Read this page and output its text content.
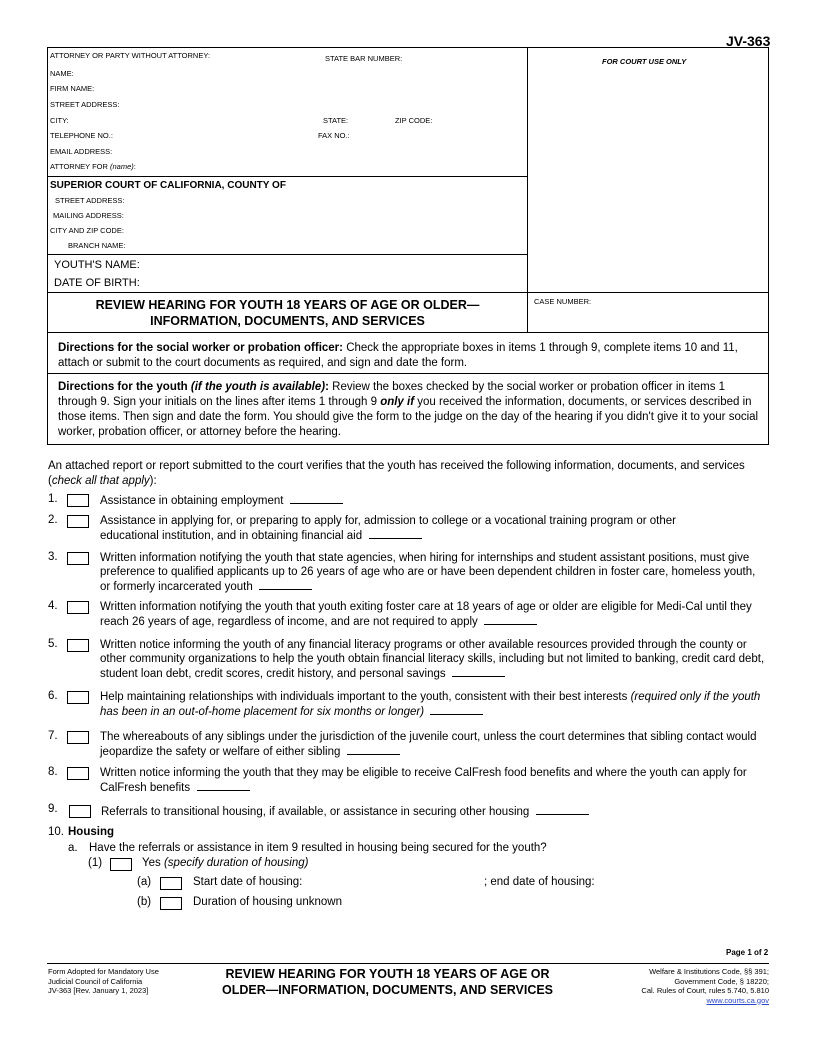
JV-363
ATTORNEY OR PARTY WITHOUT ATTORNEY:	STATE BAR NUMBER:
NAME:
FIRM NAME:
STREET ADDRESS:
CITY:	STATE:	ZIP CODE:
TELEPHONE NO.:	FAX NO.:
EMAIL ADDRESS:
ATTORNEY FOR (name):
FOR COURT USE ONLY
SUPERIOR COURT OF CALIFORNIA, COUNTY OF
STREET ADDRESS:
MAILING ADDRESS:
CITY AND ZIP CODE:
BRANCH NAME:
YOUTH'S NAME:
DATE OF BIRTH:
REVIEW HEARING FOR YOUTH 18 YEARS OF AGE OR OLDER—
INFORMATION, DOCUMENTS, AND SERVICES
CASE NUMBER:
Directions for the social worker or probation officer: Check the appropriate boxes in items 1 through 9, complete items 10 and 11, attach or submit to the court documents as required, and sign and date the form.
Directions for the youth (if the youth is available): Review the boxes checked by the social worker or probation officer in items 1 through 9. Sign your initials on the lines after items 1 through 9 only if you received the information, documents, or services described in those items. Then sign and date the form. You should give the form to the judge on the day of the hearing if you didn't give it to your social worker, probation officer, or attorney before the hearing.
An attached report or report submitted to the court verifies that the youth has received the following information, documents, and services (check all that apply):
1.	Assistance in obtaining employment
2.	Assistance in applying for, or preparing to apply for, admission to college or a vocational training program or other educational institution, and in obtaining financial aid
3.	Written information notifying the youth that state agencies, when hiring for internships and student assistant positions, must give preference to qualified applicants up to 26 years of age who are or have been dependent children in foster care, homeless youth, or formerly incarcerated youth
4.	Written information notifying the youth that youth exiting foster care at 18 years of age or older are eligible for Medi-Cal until they reach 26 years of age, regardless of income, and are not required to apply
5.	Written notice informing the youth of any financial literacy programs or other available resources provided through the county or other community organizations to help the youth obtain financial literacy skills, including but not limited to banking, credit card debt, student loan debt, credit scores, credit history, and personal savings
6.	Help maintaining relationships with individuals important to the youth, consistent with their best interests (required only if the youth has been in an out-of-home placement for six months or longer)
7.	The whereabouts of any siblings under the jurisdiction of the juvenile court, unless the court determines that sibling contact would jeopardize the safety or welfare of either sibling
8.	Written notice informing the youth that they may be eligible to receive CalFresh food benefits and where the youth can apply for CalFresh benefits
9.	Referrals to transitional housing, if available, or assistance in securing other housing
10. Housing
a. Have the referrals or assistance in item 9 resulted in housing being secured for the youth?
(1)	Yes (specify duration of housing)
(a)	Start date of housing:	; end date of housing:
(b)	Duration of housing unknown
Page 1 of 2
Form Adopted for Mandatory Use
Judicial Council of California
JV-363 [Rev. January 1, 2023]
REVIEW HEARING FOR YOUTH 18 YEARS OF AGE OR
OLDER—INFORMATION, DOCUMENTS, AND SERVICES
Welfare & Institutions Code, §§ 391;
Government Code, § 18220;
Cal. Rules of Court, rules 5.740, 5.810
www.courts.ca.gov
